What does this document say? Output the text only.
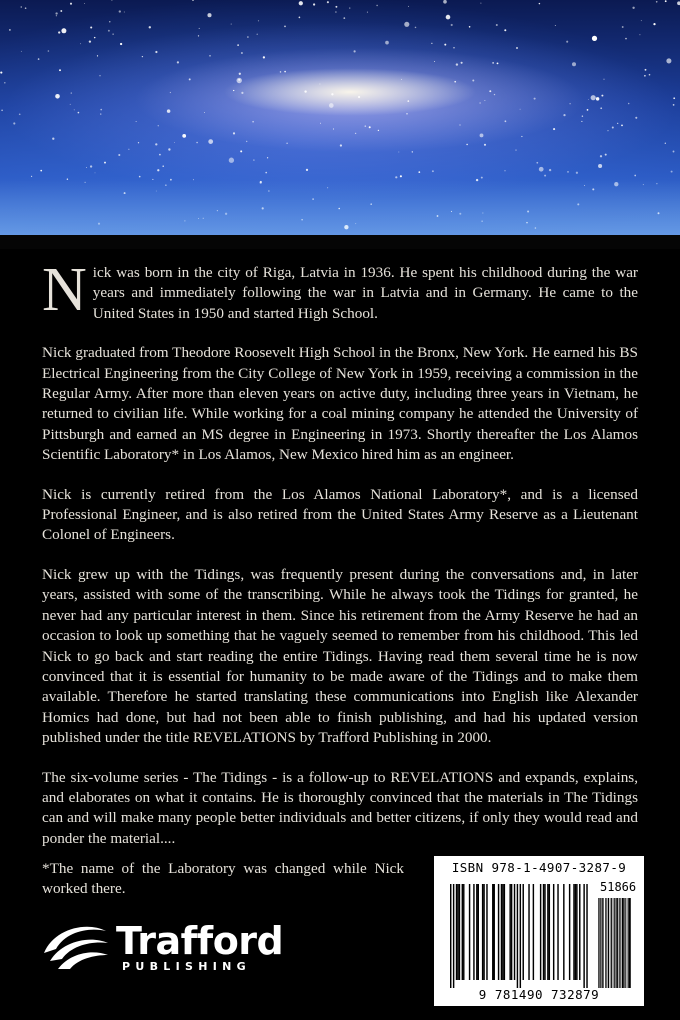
Nick was born in the city of Riga, Latvia in 1936. He spent his childhood during the war years and immediately following the war in Latvia and in Germany. He came to the United States in 1950 and started High School.

Nick graduated from Theodore Roosevelt High School in the Bronx, New York. He earned his BS Electrical Engineering from the City College of New York in 1959, receiving a commission in the Regular Army. After more than eleven years on active duty, including three years in Vietnam, he returned to civilian life. While working for a coal mining company he attended the University of Pittsburgh and earned an MS degree in Engineering in 1973. Shortly thereafter the Los Alamos Scientific Laboratory* in Los Alamos, New Mexico hired him as an engineer.

Nick is currently retired from the Los Alamos National Laboratory*, and is a licensed Professional Engineer, and is also retired from the United States Army Reserve as a Lieutenant Colonel of Engineers.

Nick grew up with the Tidings, was frequently present during the conversations and, in later years, assisted with some of the transcribing. While he always took the Tidings for granted, he never had any particular interest in them. Since his retirement from the Army Reserve he had an occasion to look up something that he vaguely seemed to remember from his childhood. This led Nick to go back and start reading the entire Tidings. Having read them several time he is now convinced that it is essential for humanity to be made aware of the Tidings and to make them available. Therefore he started translating these communications into English like Alexander Homics had done, but had not been able to finish publishing, and had his updated version published under the title REVELATIONS by Trafford Publishing in 2000.

The six-volume series - The Tidings - is a follow-up to REVELATIONS and expands, explains, and elaborates on what it contains. He is thoroughly convinced that the materials in The Tidings can and will make many people better individuals and better citizens, if only they would read and ponder the material....

*The name of the Laboratory was changed while Nick worked there.

Trafford
PUBLISHING
ISBN 978-1-4907-3287-9
51866
9 781490 732879
